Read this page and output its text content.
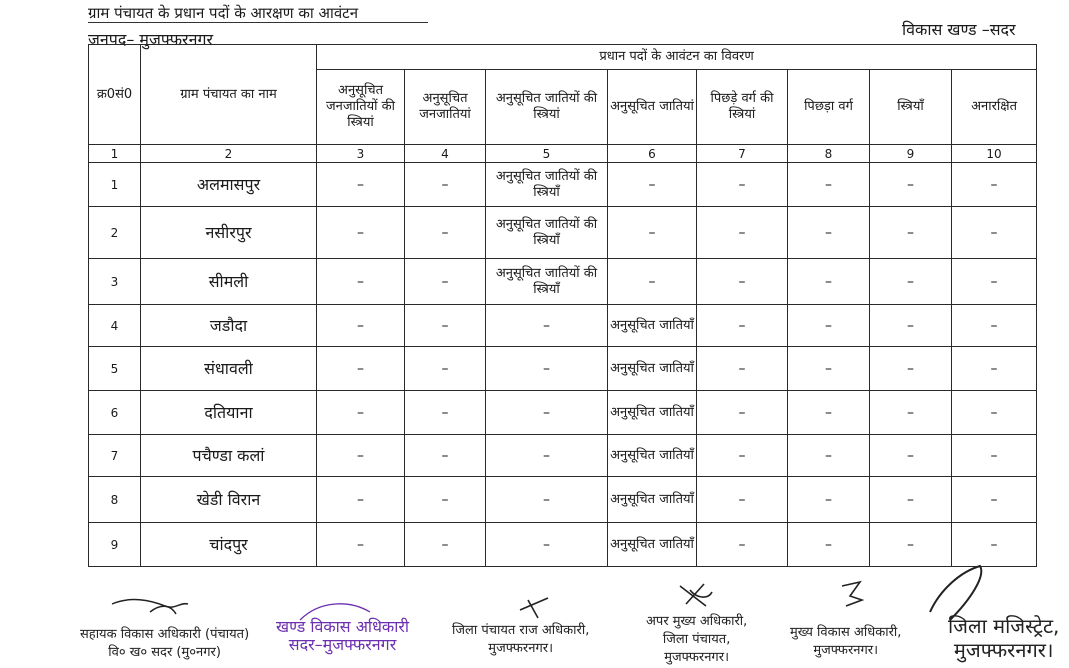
ग्राम पंचायत के प्रधान पदों के आरक्षण का आवंटन
जनपद– मुजफ्फरनगर
विकास खण्ड –सदर
क्र0सं0	ग्राम पंचायत का नाम	प्रधान पदों के आवंटन का विवरण							
		अनुसूचित जनजातियों की स्त्रियां	अनुसूचित जनजातियां	अनुसूचित जातियों की स्त्रियां	अनुसूचित जातियां	पिछड़े वर्ग की स्त्रियां	पिछड़ा वर्ग	स्त्रियाँ	अनारक्षित
1	2	3	4	5	6	7	8	9	10
1	अलमासपुर	–	–	अनुसूचित जातियों की स्त्रियाँ	–	–	–	–	–
2	नसीरपुर	–	–	अनुसूचित जातियों की स्त्रियाँ	–	–	–	–	–
3	सीमली	–	–	अनुसूचित जातियों की स्त्रियाँ	–	–	–	–	–
4	जडौदा	–	–	–	अनुसूचित जातियाँ	–	–	–	–
5	संधावली	–	–	–	अनुसूचित जातियाँ	–	–	–	–
6	दतियाना	–	–	–	अनुसूचित जातियाँ	–	–	–	–
7	पचैण्डा कलां	–	–	–	अनुसूचित जातियाँ	–	–	–	–
8	खेडी विरान	–	–	–	अनुसूचित जातियाँ	–	–	–	–
9	चांदपुर	–	–	–	अनुसूचित जातियाँ	–	–	–	–
सहायक विकास अधिकारी (पंचायत)
वि० ख० सदर (मु०नगर)
खण्ड विकास अधिकारी
सदर–मुजफ्फरनगर
जिला पंचायत राज अधिकारी,
मुजफ्फरनगर।
अपर मुख्य अधिकारी,
जिला पंचायत,
मुजफ्फरनगर।
मुख्य विकास अधिकारी,
मुजफ्फरनगर।
जिला मजिस्ट्रेट,
मुजफ्फरनगर।
